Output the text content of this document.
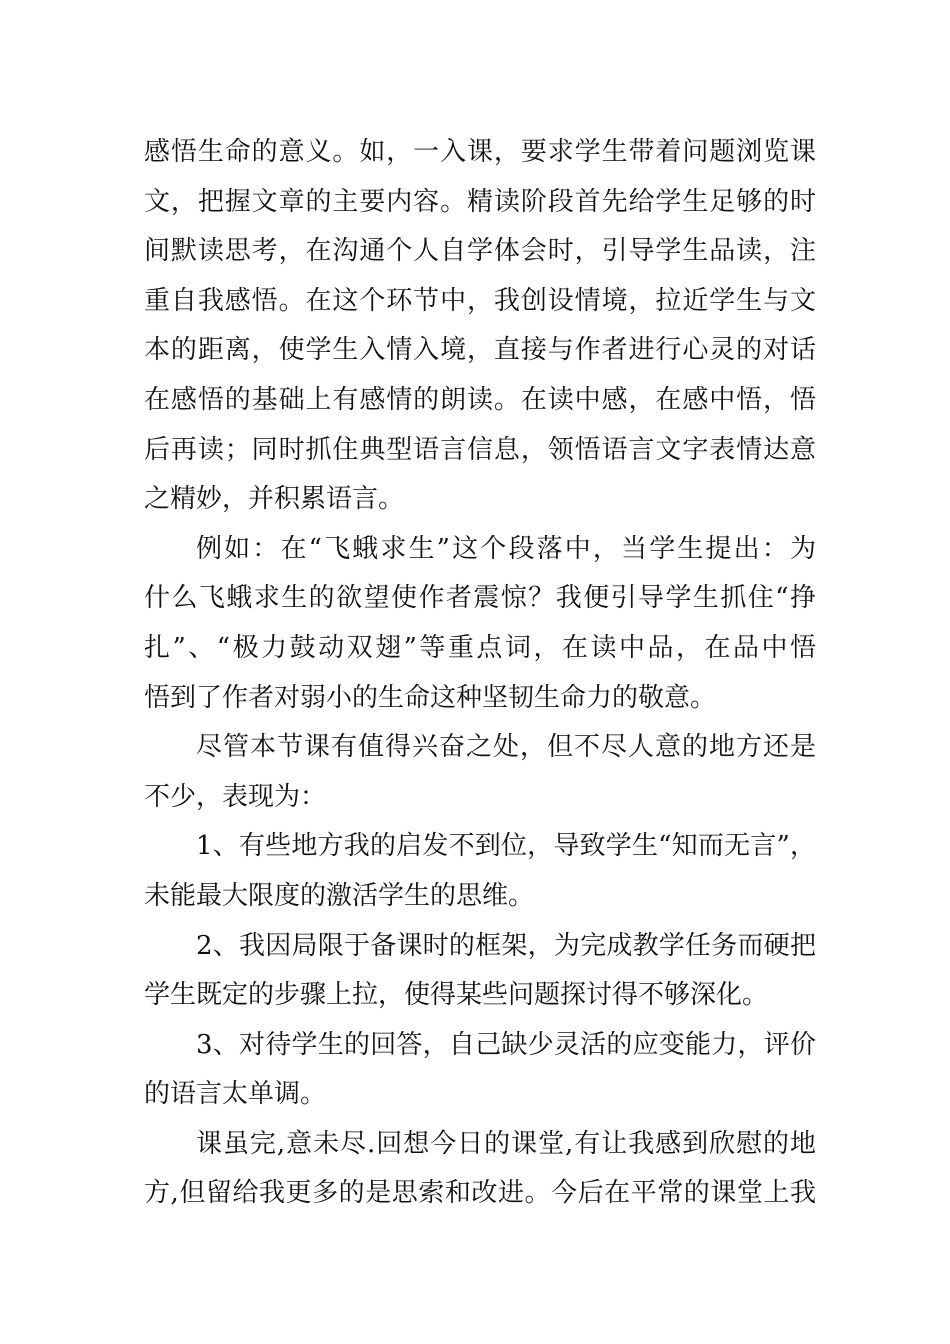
感悟生命的意义。如，一入课，要求学生带着问题浏览课
文，把握文章的主要内容。精读阶段首先给学生足够的时
间默读思考，在沟通个人自学体会时，引导学生品读，注
重自我感悟。在这个环节中，我创设情境，拉近学生与文
本的距离，使学生入情入境，直接与作者进行心灵的对话
在感悟的基础上有感情的朗读。在读中感，在感中悟，悟
后再读；同时抓住典型语言信息，领悟语言文字表情达意
之精妙，并积累语言。
例如：在“飞蛾求生”这个段落中，当学生提出：为
什么飞蛾求生的欲望使作者震惊？我便引导学生抓住“挣
扎”、“极力鼓动双翅”等重点词，在读中品，在品中悟
悟到了作者对弱小的生命这种坚韧生命力的敬意。
尽管本节课有值得兴奋之处，但不尽人意的地方还是
不少，表现为：
1、有些地方我的启发不到位，导致学生“知而无言”，
未能最大限度的激活学生的思维。
2、我因局限于备课时的框架，为完成教学任务而硬把
学生既定的步骤上拉，使得某些问题探讨得不够深化。
3、对待学生的回答，自己缺少灵活的应变能力，评价
的语言太单调。
课虽完,意未尽.回想今日的课堂,有让我感到欣慰的地
方,但留给我更多的是思索和改进。今后在平常的课堂上我
